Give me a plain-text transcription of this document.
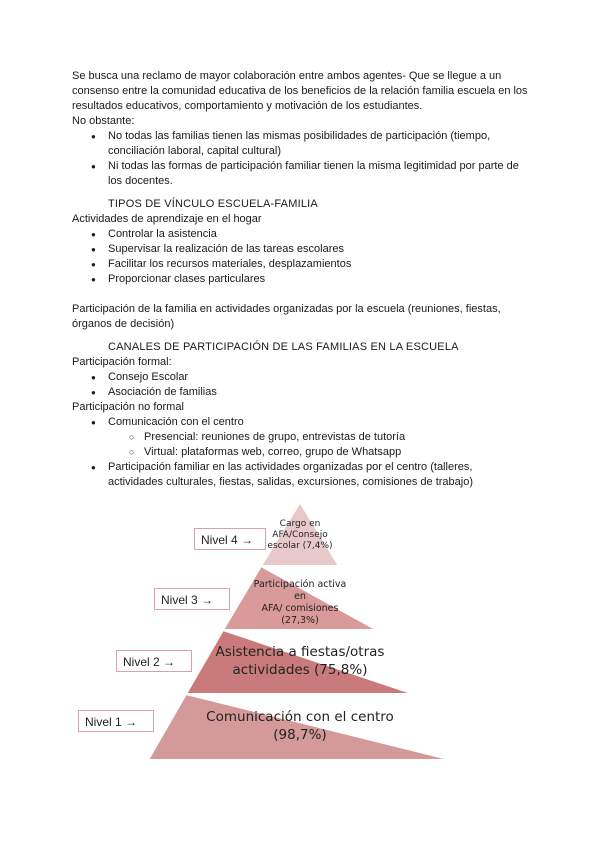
Se busca una reclamo de mayor colaboración entre ambos agentes- Que se llegue a un consenso entre la comunidad educativa de los beneficios de la relación familia escuela en los resultados educativos, comportamiento y motivación de los estudiantes.

No obstante:

● No todas las familias tienen las mismas posibilidades de participación (tiempo, conciliación laboral, capital cultural)
● Ni todas las formas de participación familiar tienen la misma legitimidad por parte de los docentes.

TIPOS DE VÍNCULO ESCUELA-FAMILIA

Actividades de aprendizaje en el hogar

● Controlar la asistencia
● Supervisar la realización de las tareas escolares
● Facilitar los recursos materiales, desplazamientos
● Proporcionar clases particulares

Participación de la familia en actividades organizadas por la escuela (reuniones, fiestas, órganos de decisión)

CANALES DE PARTICIPACIÓN DE LAS FAMILIAS EN LA ESCUELA

Participación formal:

● Consejo Escolar
● Asociación de familias

Participación no formal

● Comunicación con el centro
○ Presencial: reuniones de grupo, entrevistas de tutoría
○ Virtual: plataformas web, correo, grupo de Whatsapp
● Participación familiar en las actividades organizadas por el centro (talleres, actividades culturales, fiestas, salidas, excursiones, comisiones de trabajo)
Nivel 4 →
Nivel 3 →
Nivel 2 →
Nivel 1 →
Cargo en
AFA/Consejo
escolar (7,4%)
Participación activa en
AFA/ comisiones
(27,3%)
Asistencia a fiestas/otras
actividades (75,8%)
Comunicación con el centro
(98,7%)
